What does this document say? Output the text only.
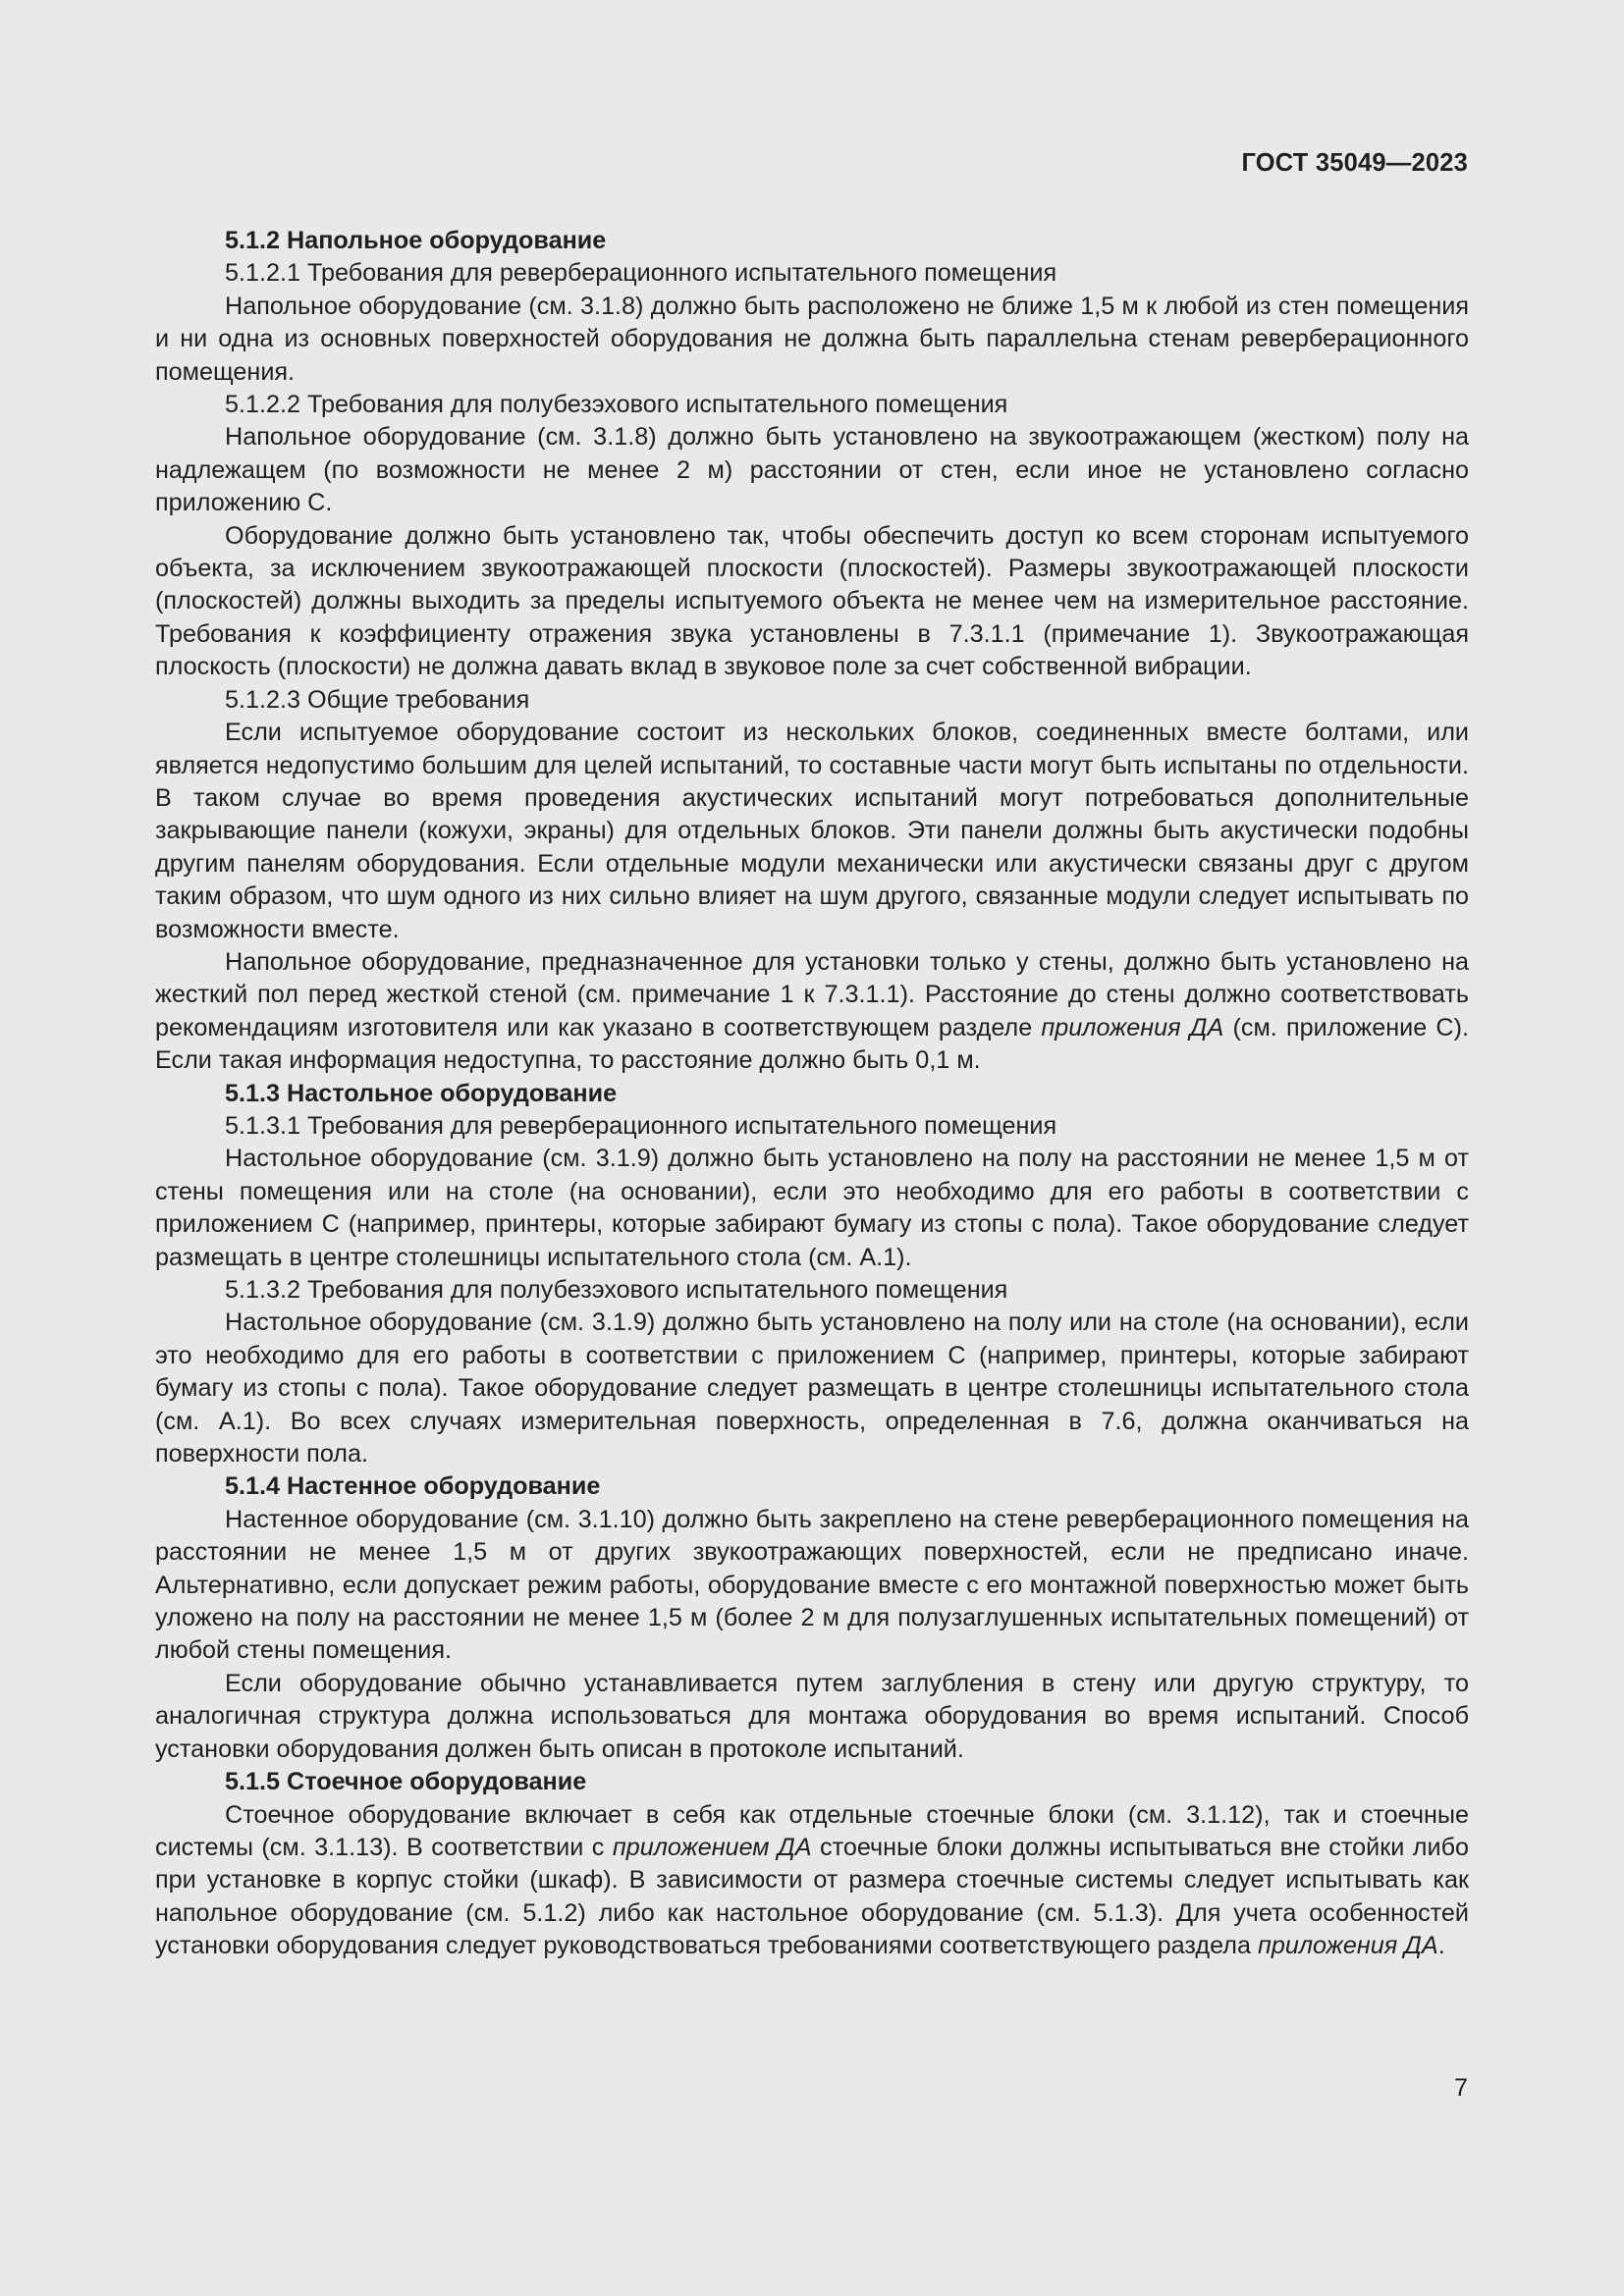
ГОСТ 35049—2023

5.1.2 Напольное оборудование

5.1.2.1 Требования для реверберационного испытательного помещения

Напольное оборудование (см. 3.1.8) должно быть расположено не ближе 1,5 м к любой из стен помещения и ни одна из основных поверхностей оборудования не должна быть параллельна стенам реверберационного помещения.

5.1.2.2 Требования для полубезэхового испытательного помещения

Напольное оборудование (см. 3.1.8) должно быть установлено на звукоотражающем (жестком) полу на надлежащем (по возможности не менее 2 м) расстоянии от стен, если иное не установлено согласно приложению С.

Оборудование должно быть установлено так, чтобы обеспечить доступ ко всем сторонам испытуемого объекта, за исключением звукоотражающей плоскости (плоскостей). Размеры звукоотражающей плоскости (плоскостей) должны выходить за пределы испытуемого объекта не менее чем на измерительное расстояние. Требования к коэффициенту отражения звука установлены в 7.3.1.1 (примечание 1). Звукоотражающая плоскость (плоскости) не должна давать вклад в звуковое поле за счет собственной вибрации.

5.1.2.3 Общие требования

Если испытуемое оборудование состоит из нескольких блоков, соединенных вместе болтами, или является недопустимо большим для целей испытаний, то составные части могут быть испытаны по отдельности. В таком случае во время проведения акустических испытаний могут потребоваться дополнительные закрывающие панели (кожухи, экраны) для отдельных блоков. Эти панели должны быть акустически подобны другим панелям оборудования. Если отдельные модули механически или акустически связаны друг с другом таким образом, что шум одного из них сильно влияет на шум другого, связанные модули следует испытывать по возможности вместе.

Напольное оборудование, предназначенное для установки только у стены, должно быть установлено на жесткий пол перед жесткой стеной (см. примечание 1 к 7.3.1.1). Расстояние до стены должно соответствовать рекомендациям изготовителя или как указано в соответствующем разделе приложения ДА (см. приложение С). Если такая информация недоступна, то расстояние должно быть 0,1 м.

5.1.3 Настольное оборудование

5.1.3.1 Требования для реверберационного испытательного помещения

Настольное оборудование (см. 3.1.9) должно быть установлено на полу на расстоянии не менее 1,5 м от стены помещения или на столе (на основании), если это необходимо для его работы в соответствии с приложением С (например, принтеры, которые забирают бумагу из стопы с пола). Такое оборудование следует размещать в центре столешницы испытательного стола (см. А.1).

5.1.3.2 Требования для полубезэхового испытательного помещения

Настольное оборудование (см. 3.1.9) должно быть установлено на полу или на столе (на основании), если это необходимо для его работы в соответствии с приложением С (например, принтеры, которые забирают бумагу из стопы с пола). Такое оборудование следует размещать в центре столешницы испытательного стола (см. А.1). Во всех случаях измерительная поверхность, определенная в 7.6, должна оканчиваться на поверхности пола.

5.1.4 Настенное оборудование

Настенное оборудование (см. 3.1.10) должно быть закреплено на стене реверберационного помещения на расстоянии не менее 1,5 м от других звукоотражающих поверхностей, если не предписано иначе. Альтернативно, если допускает режим работы, оборудование вместе с его монтажной поверхностью может быть уложено на полу на расстоянии не менее 1,5 м (более 2 м для полузаглушенных испытательных помещений) от любой стены помещения.

Если оборудование обычно устанавливается путем заглубления в стену или другую структуру, то аналогичная структура должна использоваться для монтажа оборудования во время испытаний. Способ установки оборудования должен быть описан в протоколе испытаний.

5.1.5 Стоечное оборудование

Стоечное оборудование включает в себя как отдельные стоечные блоки (см. 3.1.12), так и стоечные системы (см. 3.1.13). В соответствии с приложением ДА стоечные блоки должны испытываться вне стойки либо при установке в корпус стойки (шкаф). В зависимости от размера стоечные системы следует испытывать как напольное оборудование (см. 5.1.2) либо как настольное оборудование (см. 5.1.3). Для учета особенностей установки оборудования следует руководствоваться требованиями соответствующего раздела приложения ДА.

7
